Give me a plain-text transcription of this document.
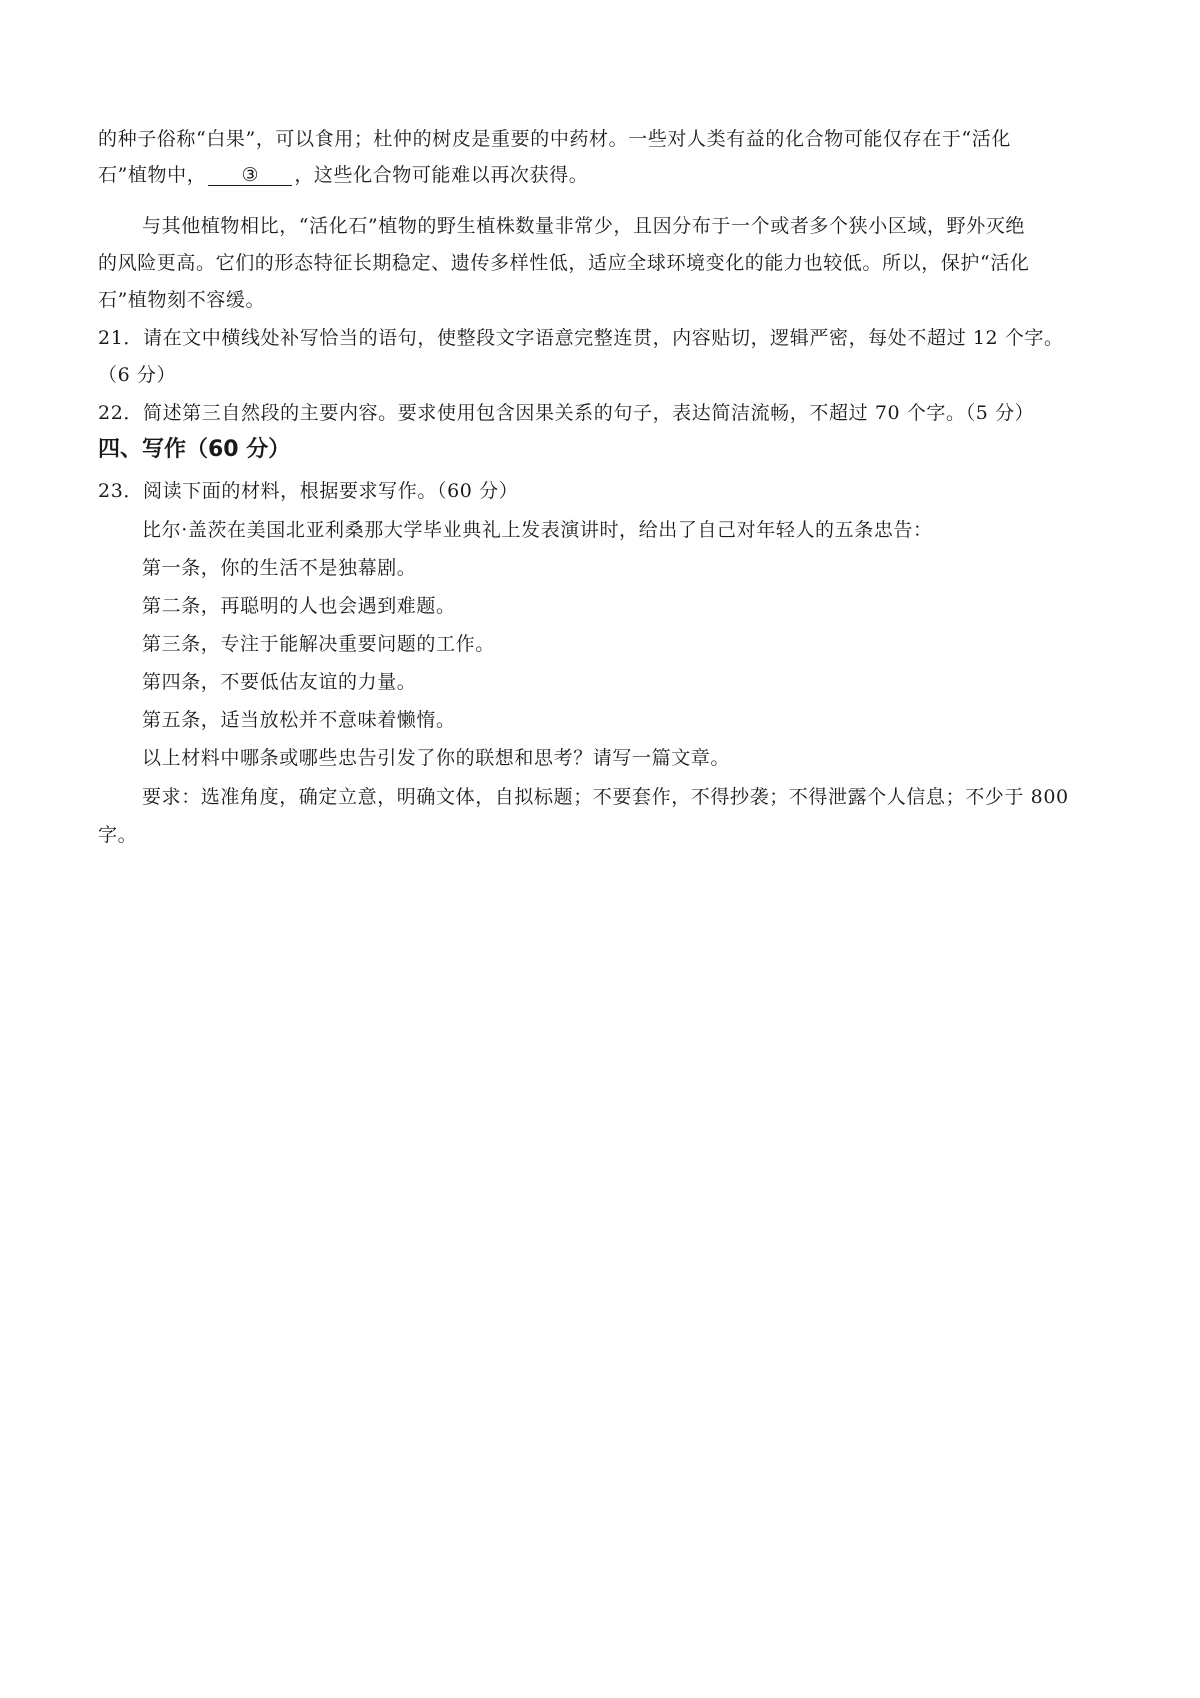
的种子俗称“白果”，可以食用；杜仲的树皮是重要的中药材。一些对人类有益的化合物可能仅存在于“活化
石”植物中， ③ ，这些化合物可能难以再次获得。
与其他植物相比，“活化石”植物的野生植株数量非常少，且因分布于一个或者多个狭小区域，野外灭绝
的风险更高。它们的形态特征长期稳定、遗传多样性低，适应全球环境变化的能力也较低。所以，保护“活化
石”植物刻不容缓。
21．请在文中横线处补写恰当的语句，使整段文字语意完整连贯，内容贴切，逻辑严密，每处不超过 12 个字。
（6 分）
22．简述第三自然段的主要内容。要求使用包含因果关系的句子，表达简洁流畅，不超过 70 个字。（5 分）
四、写作（60 分）
23．阅读下面的材料，根据要求写作。（60 分）
比尔·盖茨在美国北亚利桑那大学毕业典礼上发表演讲时，给出了自己对年轻人的五条忠告：
第一条，你的生活不是独幕剧。
第二条，再聪明的人也会遇到难题。
第三条，专注于能解决重要问题的工作。
第四条，不要低估友谊的力量。
第五条，适当放松并不意味着懒惰。
以上材料中哪条或哪些忠告引发了你的联想和思考？请写一篇文章。
要求：选准角度，确定立意，明确文体，自拟标题；不要套作，不得抄袭；不得泄露个人信息；不少于 800
字。
